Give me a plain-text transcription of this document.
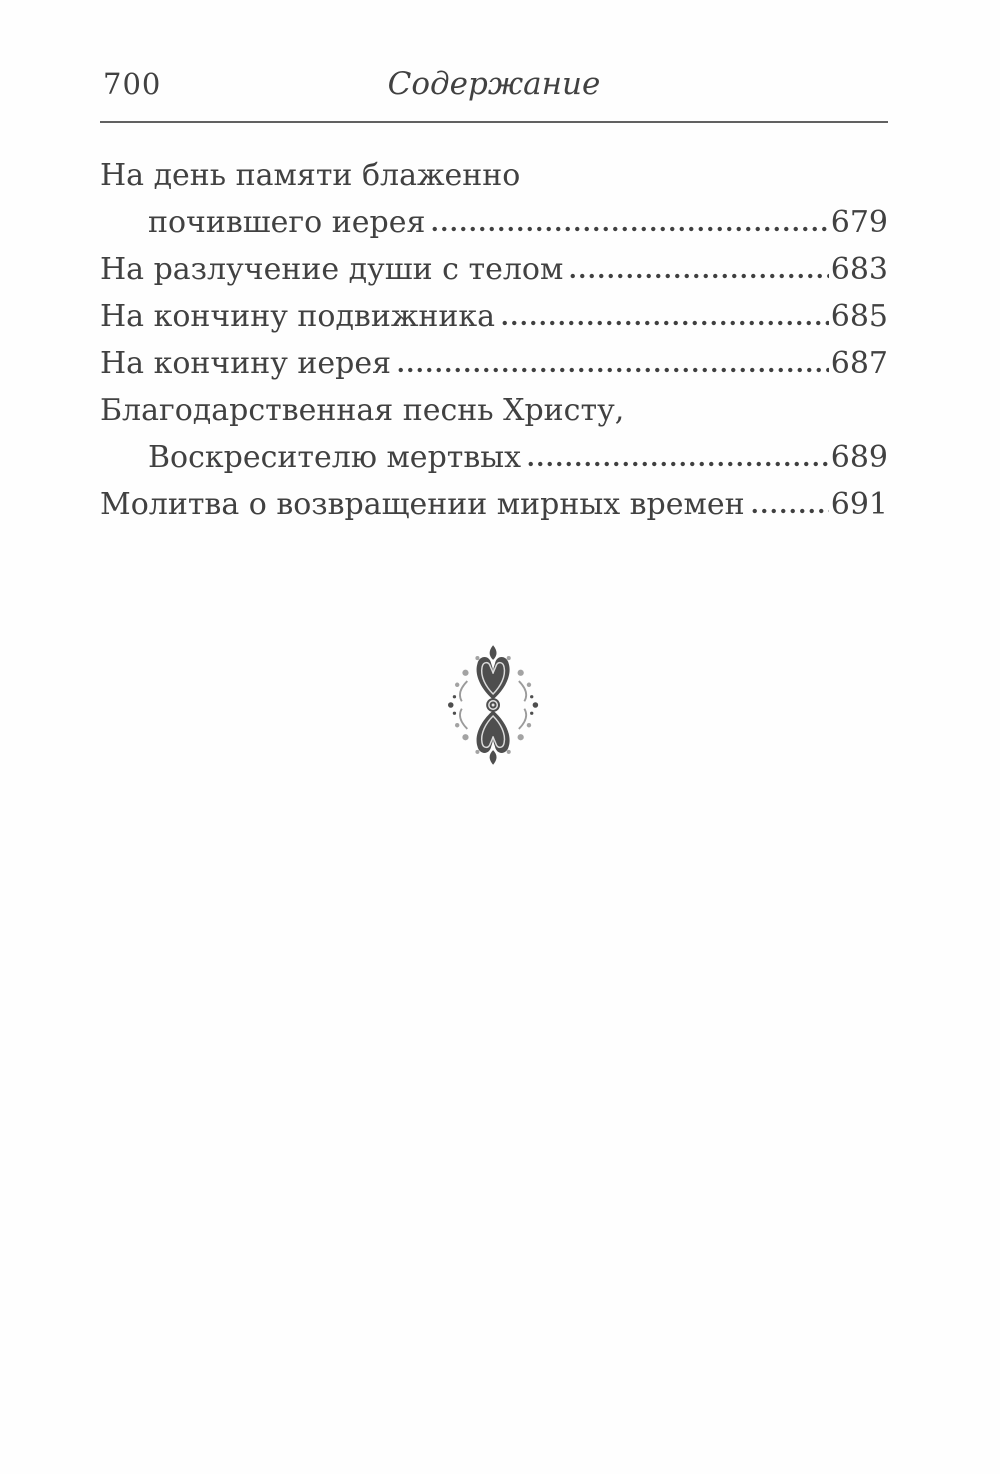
700	Содержание
На день памяти блаженно
почившего иерея	679
На разлучение души с телом	683
На кончину подвижника	685
На кончину иерея	687
Благодарственная песнь Христу,
Воскресителю мертвых	689
Молитва о возвращении мирных времен	691
